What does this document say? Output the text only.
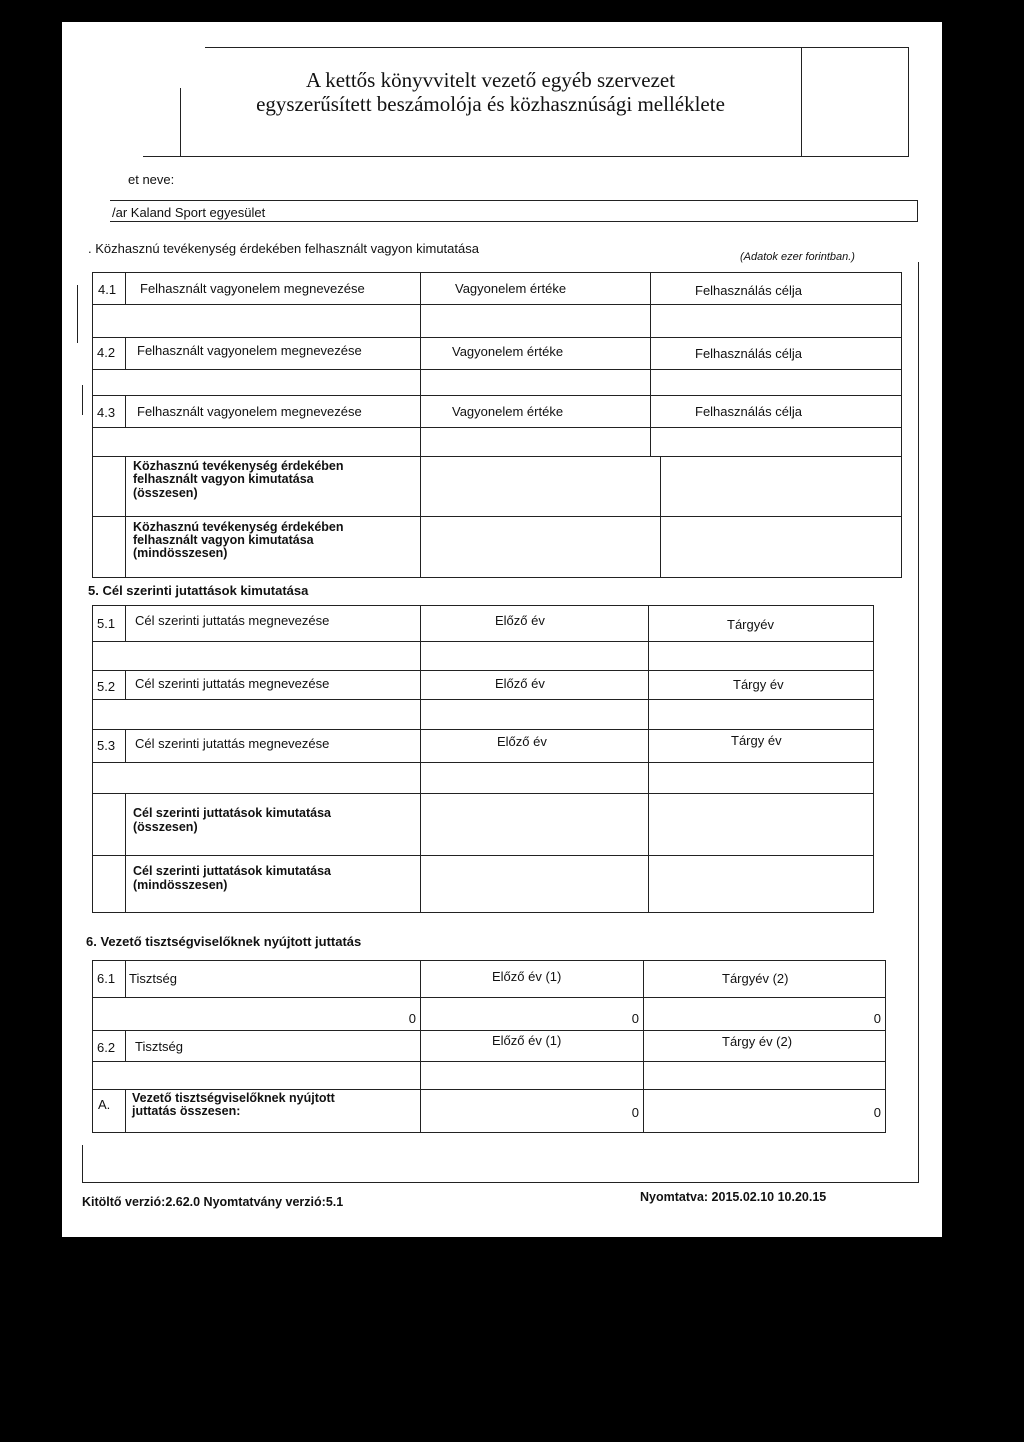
A kettős könyvvitelt vezető egyéb szervezet
egyszerűsített beszámolója és közhasznúsági melléklete
et neve:
/ar Kaland Sport egyesület
. Közhasznú tevékenység érdekében felhasznált vagyon kimutatása
(Adatok ezer forintban.)
4.1 Felhasznált vagyonelem megnevezése	Vagyonelem értéke	Felhasználás célja
4.2 Felhasznált vagyonelem megnevezése	Vagyonelem értéke	Felhasználás célja
4.3 Felhasznált vagyonelem megnevezése	Vagyonelem értéke	Felhasználás célja
Közhasznú tevékenység érdekében
felhasznált vagyon kimutatása
(összesen)
Közhasznú tevékenység érdekében
felhasznált vagyon kimutatása
(mindösszesen)
5. Cél szerinti jutattások kimutatása
5.1 Cél szerinti juttatás megnevezése	Előző év	Tárgyév
5.2 Cél szerinti juttatás megnevezése	Előző év	Tárgy év
5.3 Cél szerinti jutattás megnevezése	Előző év	Tárgy év
Cél szerinti juttatások kimutatása
(összesen)
Cél szerinti juttatások kimutatása
(mindösszesen)
6. Vezető tisztségviselőknek nyújtott juttatás
6.1 Tisztség	Előző év (1)	Tárgyév (2)
0	0	0
6.2 Tisztség	Előző év (1)	Tárgy év (2)
A. Vezető tisztségviselőknek nyújtott
juttatás összesen:	0	0
Kitöltő verzió:2.62.0 Nyomtatvány verzió:5.1	Nyomtatva: 2015.02.10 10.20.15
